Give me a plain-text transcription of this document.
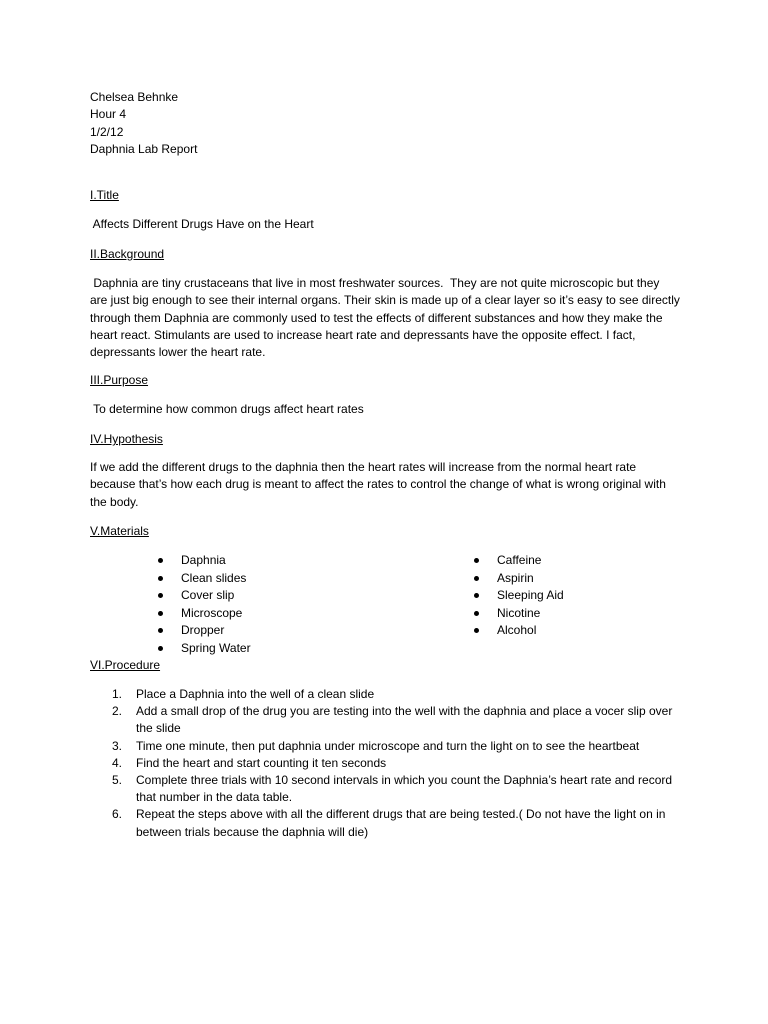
Chelsea Behnke
Hour 4
1/2/12
Daphnia Lab Report
I.Title
Affects Different Drugs Have on the Heart
II.Background
Daphnia are tiny crustaceans that live in most freshwater sources.  They are not quite microscopic but they are just big enough to see their internal organs. Their skin is made up of a clear layer so it’s easy to see directly through them Daphnia are commonly used to test the effects of different substances and how they make the heart react. Stimulants are used to increase heart rate and depressants have the opposite effect. I fact, depressants lower the heart rate.
III.Purpose
To determine how common drugs affect heart rates
IV.Hypothesis
If we add the different drugs to the daphnia then the heart rates will increase from the normal heart rate because that’s how each drug is meant to affect the rates to control the change of what is wrong original with the body.
V.Materials
Daphnia
Clean slides
Cover slip
Microscope
Dropper
Spring Water
Caffeine
Aspirin
Sleeping Aid
Nicotine
Alcohol
VI.Procedure
1. Place a Daphnia into the well of a clean slide
2. Add a small drop of the drug you are testing into the well with the daphnia and place a vocer slip over the slide
3. Time one minute, then put daphnia under microscope and turn the light on to see the heartbeat
4. Find the heart and start counting it ten seconds
5. Complete three trials with 10 second intervals in which you count the Daphnia’s heart rate and record that number in the data table.
6. Repeat the steps above with all the different drugs that are being tested.( Do not have the light on in between trials because the daphnia will die)
